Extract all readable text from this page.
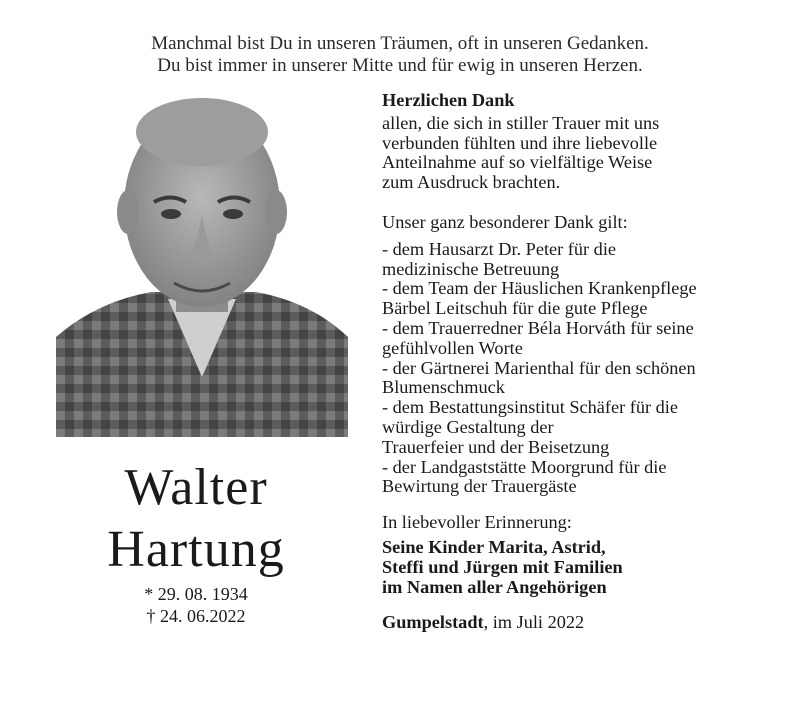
Manchmal bist Du in unseren Träumen, oft in unseren Gedanken.
Du bist immer in unserer Mitte und für ewig in unseren Herzen.
Walter
Hartung
* 29. 08. 1934
† 24. 06.2022
Herzlichen Dank
allen, die sich in stiller Trauer mit uns
verbunden fühlten und ihre liebevolle
Anteilnahme auf so vielfältige Weise
zum Ausdruck brachten.
Unser ganz besonderer Dank gilt:
- dem Hausarzt Dr. Peter für die
medizinische Betreuung
- dem Team der Häuslichen Krankenpflege
Bärbel Leitschuh für die gute Pflege
- dem Trauerredner Béla Horváth für seine
gefühlvollen Worte
- der Gärtnerei Marienthal für den schönen
Blumenschmuck
- dem Bestattungsinstitut Schäfer für die
würdige Gestaltung der
Trauerfeier und der Beisetzung
- der Landgaststätte Moorgrund für die
Bewirtung der Trauergäste
In liebevoller Erinnerung:
Seine Kinder Marita, Astrid,
Steffi und Jürgen mit Familien
im Namen aller Angehörigen
Gumpelstadt, im Juli 2022
